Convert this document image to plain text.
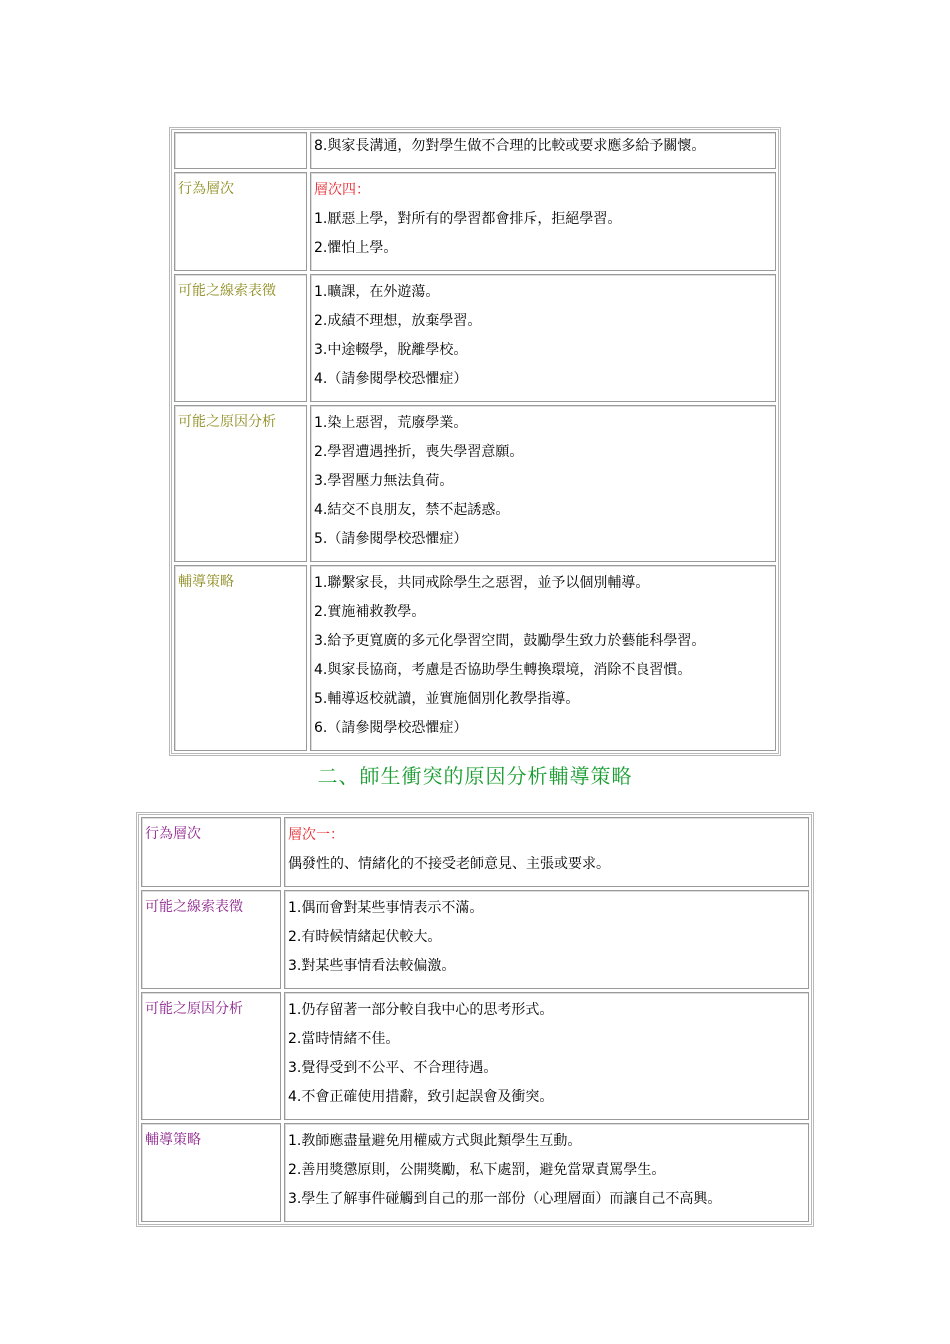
8.與家長溝通，勿對學生做不合理的比較或要求應多給予關懷。
行為層次	層次四：
1.厭惡上學，對所有的學習都會排斥，拒絕學習。
2.懼怕上學。
可能之線索表徵	1.曠課，在外遊蕩。
2.成績不理想，放棄學習。
3.中途輟學，脫離學校。
4.（請參閱學校恐懼症）
可能之原因分析	1.染上惡習，荒廢學業。
2.學習遭遇挫折，喪失學習意願。
3.學習壓力無法負荷。
4.結交不良朋友，禁不起誘惑。
5.（請參閱學校恐懼症）
輔導策略	1.聯繫家長，共同戒除學生之惡習，並予以個別輔導。
2.實施補救教學。
3.給予更寬廣的多元化學習空間，鼓勵學生致力於藝能科學習。
4.與家長協商，考慮是否協助學生轉換環境，消除不良習慣。
5.輔導返校就讀，並實施個別化教學指導。
6.（請參閱學校恐懼症）
二、師生衝突的原因分析輔導策略
行為層次	層次一：
偶發性的、情緒化的不接受老師意見、主張或要求。
可能之線索表徵	1.偶而會對某些事情表示不滿。
2.有時候情緒起伏較大。
3.對某些事情看法較偏激。
可能之原因分析	1.仍存留著一部分較自我中心的思考形式。
2.當時情緒不佳。
3.覺得受到不公平、不合理待遇。
4.不會正確使用措辭，致引起誤會及衝突。
輔導策略	1.教師應盡量避免用權威方式與此類學生互動。
2.善用獎懲原則，公開獎勵，私下處罰，避免當眾責罵學生。
3.學生了解事件碰觸到自己的那一部份（心理層面）而讓自己不高興。
